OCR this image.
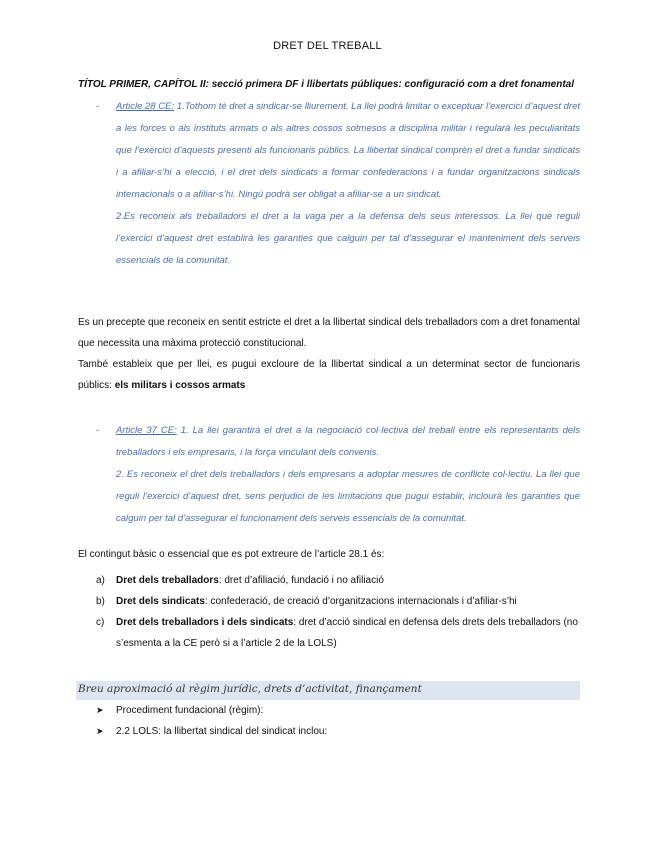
DRET DEL TREBALL
TÍTOL PRIMER, CAPÍTOL II: secció primera DF i llibertats públiques: configuració com a dret fonamental
- Article 28 CE: 1.Tothom té dret a sindicar-se lliurement. La llei podrà limitar o exceptuar l’exercici d’aquest dret a les forces o als instituts armats o als altres cossos sotmesos a disciplina militar i regularà les peculiaritats que l’exercici d’aquests presenti als funcionaris públics. La llibertat sindical comprèn el dret a fundar sindicats i a afiliar-s’hi a elecció, i el dret dels sindicats a formar confederacions i a fundar organitzacions sindicals internacionals o a afiliar-s’hi. Ningú podrà ser obligat a afiliar-se a un sindicat.

2.Es reconeix als treballadors el dret a la vaga per a la defensa dels seus interessos. La llei que reguli l’exercici d’aquest dret establirà les garanties que calguin per tal d’assegurar el manteniment dels serveis essencials de la comunitat.

Es un precepte que reconeix en sentit estricte el dret a la llibertat sindical dels treballadors com a dret fonamental que necessita una màxima protecció constitucional.

També estableix que per llei, es pugui excloure de la llibertat sindical a un determinat sector de funcionaris públics: els militars i cossos armats

- Article 37 CE: 1. La llei garantirà el dret a la negociació col·lectiva del treball entre els representants dels treballadors i els empresaris, i la força vinculant dels convenis.

2. Es reconeix el dret dels treballadors i dels empresaris a adoptar mesures de conflicte col·lectiu. La llei que reguli l’exercici d’aquest dret, sens perjudici de les limitacions que pugui establir, inclourà les garanties que calguin per tal d’assegurar el funcionament dels serveis essencials de la comunitat.

El contingut bàsic o essencial que es pot extreure de l’article 28.1 és:
a) Dret dels treballadors: dret d’afiliació, fundació i no afiliació
b) Dret dels sindicats: confederació, de creació d’organitzacions internacionals i d’afiliar-s’hi
c) Dret dels treballadors i dels sindicats: dret d’acció sindical en defensa dels drets dels treballadors (no s’esmenta a la CE però si a l’article 2 de la LOLS)
Breu aproximació al règim jurídic, drets d’activitat, finançament
➤ Procediment fundacional (règim):
➤ 2.2 LOLS: la llibertat sindical del sindicat inclou:
